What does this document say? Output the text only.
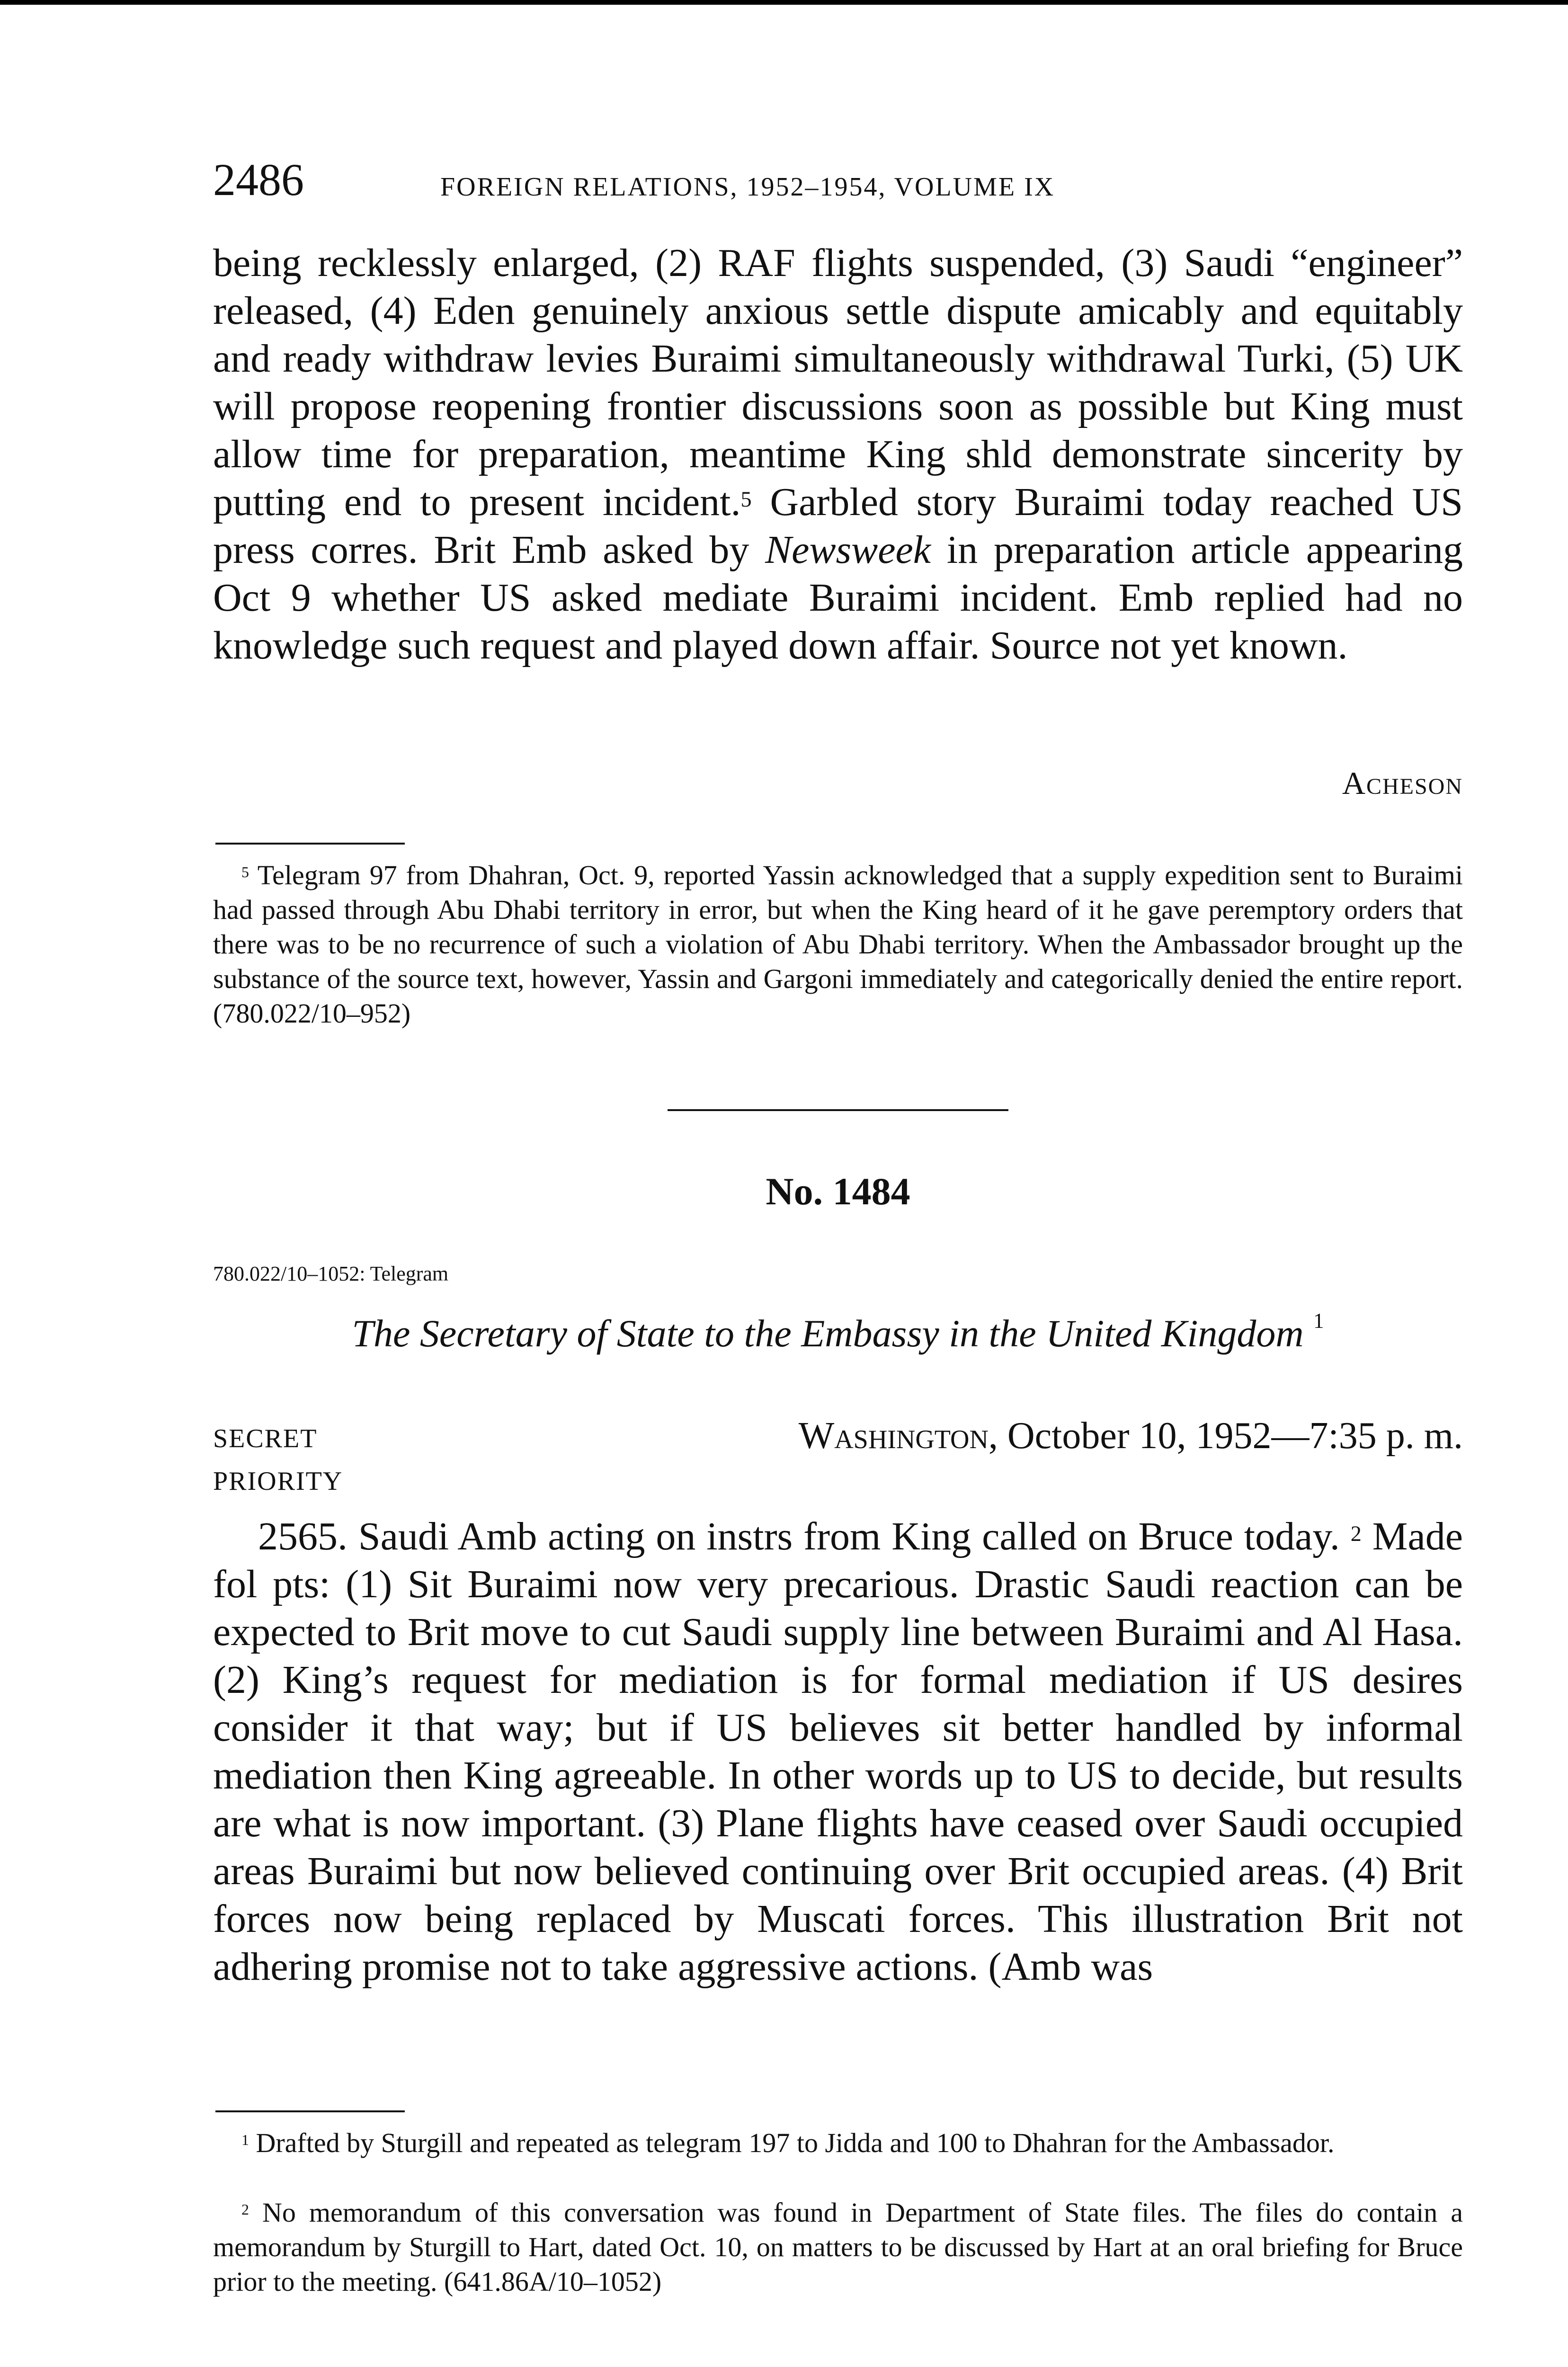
2486	FOREIGN RELATIONS, 1952–1954, VOLUME IX

being recklessly enlarged, (2) RAF flights suspended, (3) Saudi “engineer” released, (4) Eden genuinely anxious settle dispute amicably and equitably and ready withdraw levies Buraimi simultaneously withdrawal Turki, (5) UK will propose reopening frontier discussions soon as possible but King must allow time for preparation, meantime King shld demonstrate sincerity by putting end to present incident.$^5$ Garbled story Buraimi today reached US press corres. Brit Emb asked by Newsweek in preparation article appearing Oct 9 whether US asked mediate Buraimi incident. Emb replied had no knowledge such request and played down affair. Source not yet known.

Acheson

$^5$ Telegram 97 from Dhahran, Oct. 9, reported Yassin acknowledged that a supply expedition sent to Buraimi had passed through Abu Dhabi territory in error, but when the King heard of it he gave peremptory orders that there was to be no recurrence of such a violation of Abu Dhabi territory. When the Ambassador brought up the substance of the source text, however, Yassin and Gargoni immediately and categorically denied the entire report. (780.022/10–952)

No. 1484
780.022/10–1052: Telegram
The Secretary of State to the Embassy in the United Kingdom $^1$
SECRET
PRIORITY
Washington, October 10, 1952—7:35 p. m.

2565. Saudi Amb acting on instrs from King called on Bruce today. $^2$ Made fol pts: (1) Sit Buraimi now very precarious. Drastic Saudi reaction can be expected to Brit move to cut Saudi supply line between Buraimi and Al Hasa. (2) King’s request for mediation is for formal mediation if US desires consider it that way; but if US believes sit better handled by informal mediation then King agreeable. In other words up to US to decide, but results are what is now important. (3) Plane flights have ceased over Saudi occupied areas Buraimi but now believed continuing over Brit occupied areas. (4) Brit forces now being replaced by Muscati forces. This illustration Brit not adhering promise not to take aggressive actions. (Amb was

$^1$ Drafted by Sturgill and repeated as telegram 197 to Jidda and 100 to Dhahran for the Ambassador.

$^2$ No memorandum of this conversation was found in Department of State files. The files do contain a memorandum by Sturgill to Hart, dated Oct. 10, on matters to be discussed by Hart at an oral briefing for Bruce prior to the meeting. (641.86A/10–1052)
